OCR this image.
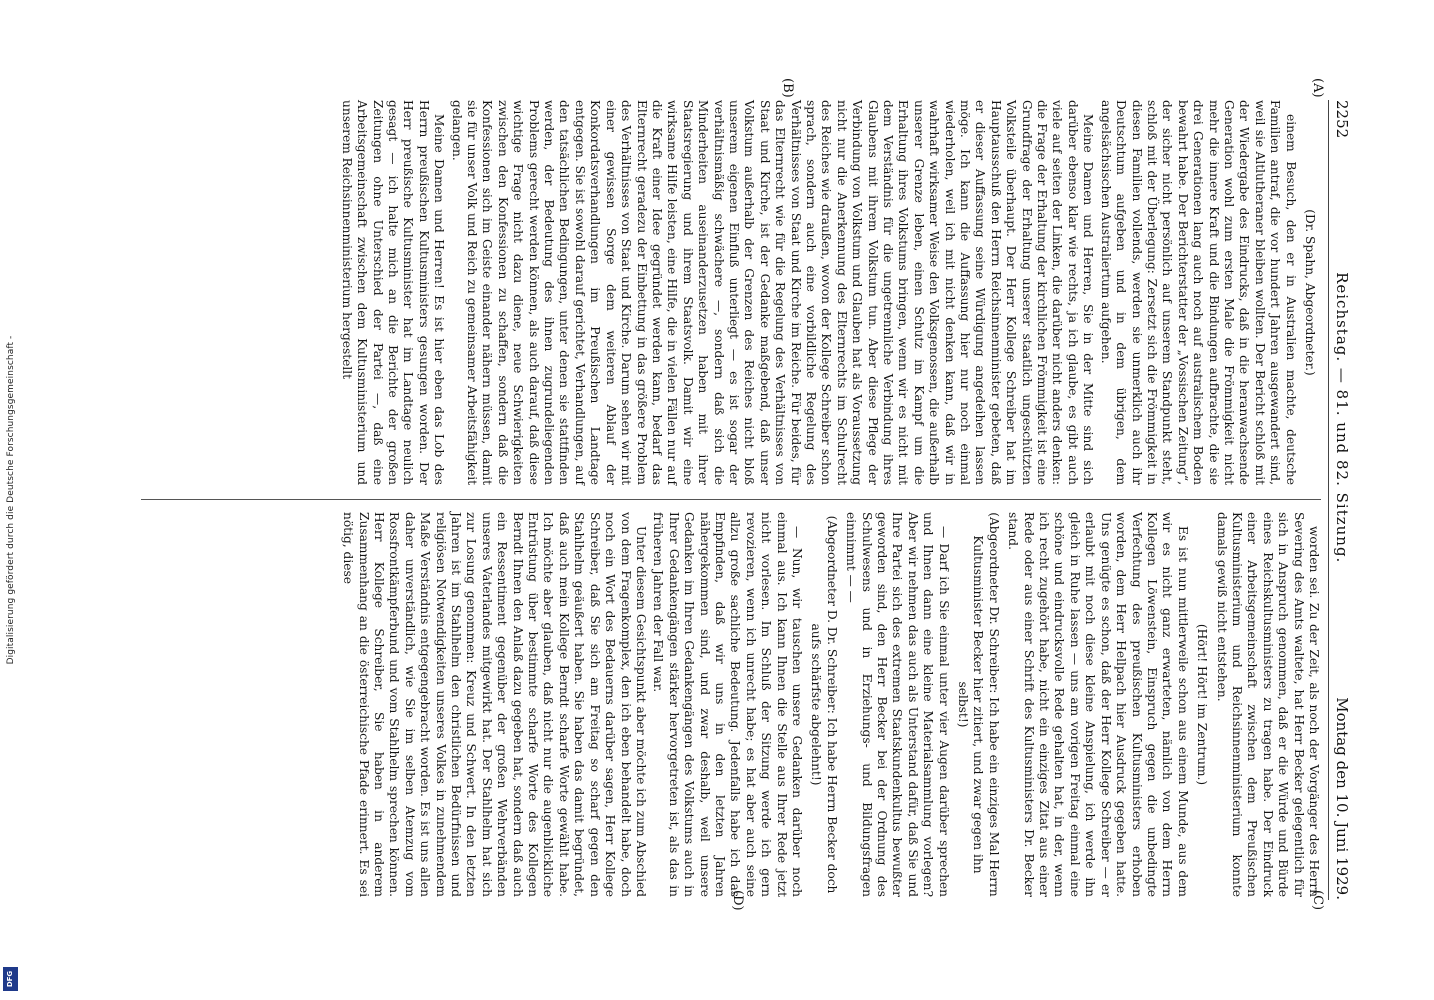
Digitalisierung gefördert durch die Deutsche Forschungsgemeinschaft -
DFG
2252
Reichstag. — 81. und 82. Sitzung.
Montag den 10. Juni 1929.
(A)
(B)
(C)
(D)

(Dr. Spahn, Abgeordneter.)

einem Besuch, den er in Australien machte, deutsche Familien antraf, die vor hundert Jahren ausgewandert sind, weil sie Altlutheraner bleiben wollten. Der Bericht schloß mit der Wiedergabe des Eindrucks, daß in die heranwachsende Generation wohl zum ersten Male die Frömmigkeit nicht mehr die innere Kraft und die Bindungen aufbrachte, die sie drei Generationen lang auch noch auf australischem Boden bewahrt habe. Der Berichterstatter der „Vossischen Zeitung“, der sicher nicht persönlich auf unserem Standpunkt steht, schloß mit der Überlegung: Zersetzt sich die Frömmigkeit in diesen Familien vollends, werden sie unmerklich auch ihr Deutschtum aufgeben und in dem übrigen, dem angelsächsischen Australiertum aufgehen.

Meine Damen und Herren, Sie in der Mitte sind sich darüber ebenso klar wie rechts, ja ich glaube, es gibt auch viele auf seiten der Linken, die darüber nicht anders denken: die Frage der Erhaltung der kirchlichen Frömmigkeit ist eine Grundfrage der Erhaltung unserer staatlich ungeschützten Volksteile überhaupt. Der Herr Kollege Schreiber hat im Hauptausschuß den Herrn Reichsinnenminister gebeten, daß er dieser Auffassung seine Würdigung angedeihen lassen möge. Ich kann die Auffassung hier nur noch einmal wiederholen, weil ich mit nicht denken kann, daß wir in wahrhaft wirksamer Weise den Volksgenossen, die außerhalb unserer Grenze leben, einen Schutz im Kampf um die Erhaltung ihres Volkstums bringen, wenn wir es nicht mit dem Verständnis für die ungetrennliche Verbindung ihres Glaubens mit ihrem Volkstum tun. Aber diese Pflege der Verbindung von Volkstum und Glauben hat als Voraussetzung nicht nur die Anerkennung des Elternrechts im Schulrecht des Reiches wie draußen, wovon der Kollege Schreiber schon sprach, sondern auch eine vorbildliche Regelung des Verhältnisses von Staat und Kirche im Reiche. Für beides, für das Elternrecht wie für die Regelung des Verhältnisses von Staat und Kirche, ist der Gedanke maßgebend, daß unser Volkstum außerhalb der Grenzen des Reiches nicht bloß unserem eigenen Einfluß unterliegt — es ist sogar der verhältnismäßig schwächere —, sondern daß sich die Minderheiten auseinanderzusetzen haben mit ihrer Staatsregierung und ihrem Staatsvolk. Damit wir eine wirksame Hilfe leisten, eine Hilfe, die in vielen Fällen nur auf die Kraft einer Idee gegründet werden kann, bedarf das Elternrecht geradezu der Einbettung in das größere Problem des Verhältnisses von Staat und Kirche. Darum sehen wir mit einer gewissen Sorge dem weiteren Ablauf der Konkordatsverhandlungen im Preußischen Landtage entgegen. Sie ist sowohl darauf gerichtet, Verhandlungen, auf den tatsächlichen Bedingungen, unter denen sie stattfinden werden, der Bedeutung des ihnen zugrundeliegenden Problems gerecht werden können, als auch darauf, daß diese wichtige Frage nicht dazu diene, neue Schwierigkeiten zwischen den Konfessionen zu schaffen, sondern daß die Konfessionen sich im Geiste einander nähern müssen, damit sie für unser Volk und Reich zu gemeinsamer Arbeitsfähigkeit gelangen.

Meine Damen und Herren! Es ist hier eben das Lob des Herrn preußischen Kultusministers gesungen worden. Der Herr preußische Kultusminister hat im Landtage neulich gesagt — ich halte mich an die Berichte der großen Zeitungen ohne Unterschied der Partei —, daß eine Arbeitsgemeinschaft zwischen dem Kultusministerium und unserem Reichsinnenministerium hergestellt

worden sei. Zu der Zeit, als noch der Vorgänger des Herrn Severing des Amts waltete, hat Herr Becker gelegentlich für sich in Anspruch genommen, daß er die Würde und Bürde eines Reichskultusministers zu tragen habe. Der Eindruck einer Arbeitsgemeinschaft zwischen dem Preußischen Kultusministerium und Reichsinnenministerium konnte damals gewiß nicht entstehen.

(Hört! Hört! im Zentrum.)

Es ist nun mittlerweile schon aus einem Munde, aus dem wir es nicht ganz erwarteten, nämlich von dem Herrn Kollegen Löwenstein, Einspruch gegen die unbedingte Verfechtung des preußischen Kultusministers erhoben worden, dem Herr Hellpach hier Ausdruck gegeben hatte. Uns genügte es schon, daß der Herr Kollege Schreiber — er erlaubt mit noch diese kleine Anspielung, ich werde ihn gleich in Ruhe lassen — uns am vorigen Freitag einmal eine schöne und eindrucksvolle Rede gehalten hat, in der, wenn ich recht zugehört habe, nicht ein einziges Zitat aus einer Rede oder aus einer Schrift des Kultusministers Dr. Becker stand.

(Abgeordneter Dr. Schreiber: Ich habe ein einziges Mal Herrn Kultusminister Becker hier zitiert, und zwar gegen ihn selbst!)

— Darf ich Sie einmal unter vier Augen darüber sprechen und Ihnen dann eine kleine Materialsammlung vorlegen? Aber wir nehmen das auch als Unterstand dafür, daß Sie und Ihre Partei sich des extremen Staatskundenkultus bewußter geworden sind, den Herr Becker bei der Ordnung des Schulwesens und in Erziehungs- und Bildungsfragen einnimmt — —

(Abgeordneter D. Dr. Schreiber: Ich habe Herrn Becker doch aufs schärfste abgelehnt!)

— Nun, wir tauschen unsere Gedanken darüber noch einmal aus. Ich kann Ihnen die Stelle aus Ihrer Rede jetzt nicht vorlesen. Im Schluß der Sitzung werde ich gern revozieren, wenn ich unrecht habe; es hat aber auch seine allzu große sachliche Bedeutung. Jedenfalls habe ich das Empfinden, daß wir uns in den letzten Jahren nähergekommen sind, und zwar deshalb, weil unsere Gedanken im Ihren Gedankengängen des Volkstums auch in Ihrer Gedankengängen stärker hervorgetreten ist, als das in früheren Jahren der Fall war.

Unter diesem Gesichtspunkt aber möchte ich zum Abschied von dem Fragenkomplex, den ich eben behandelt habe, doch noch ein Wort des Bedauerns darüber sagen, Herr Kollege Schreiber, daß Sie sich am Freitag so scharf gegen den Stahlhelm geäußert haben. Sie haben das damit begründet, daß auch mein Kollege Berndt scharfe Worte gewählt habe. Ich möchte aber glauben, daß nicht nur die augenblickliche Entrüstung über bestimmte scharfe Worte des Kollegen Berndt Ihnen den Anlaß dazu gegeben hat, sondern daß auch ein Ressentiment gegenüber der großen Wehrverbänden unseres Vaterlandes mitgewirkt hat. Der Stahlhelm hat sich zur Losung genommen: Kreuz und Schwert. In den letzten Jahren ist im Stahlhelm den christlichen Bedürfnissen und religiösen Notwendigkeiten unseres Volkes in zunehmendem Maße Verständnis entgegengebracht worden. Es ist uns allen daher unverständlich, wie Sie im selben Atemzug vom Rossfrontkämpferbund und vom Stahlhelm sprechen können. Herr Kollege Schreiber, Sie haben in anderem Zusammenhang an die österreichische Pfade erinnert. Es sei nötig, diese
